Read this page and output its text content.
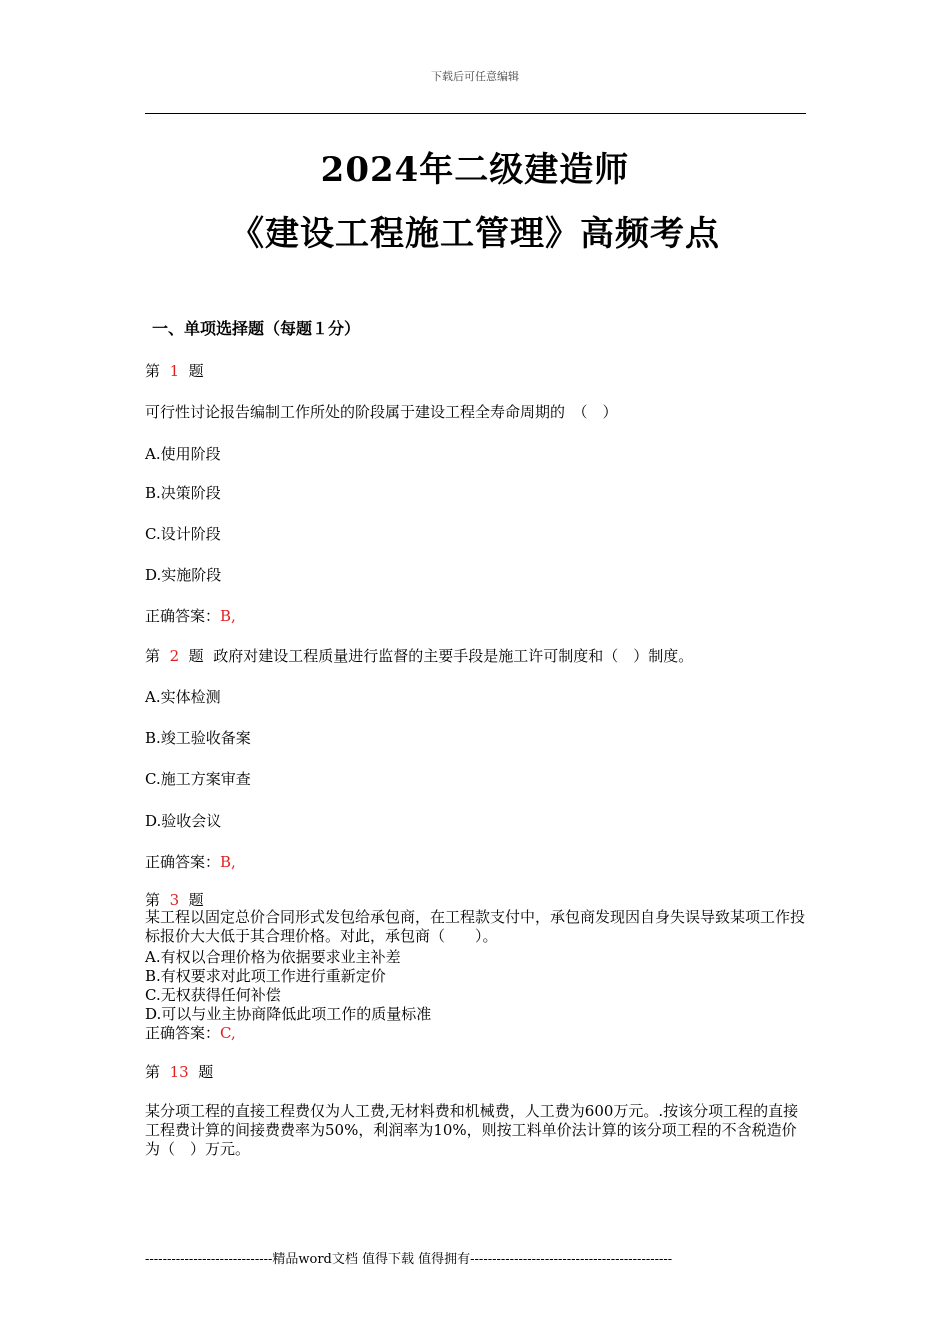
下载后可任意编辑
2024年二级建造师
《建设工程施工管理》高频考点
一、单项选择题（每题１分）
第 1 题
可行性讨论报告编制工作所处的阶段属于建设工程全寿命周期的　（　）
A.使用阶段
B.决策阶段
C.设计阶段
D.实施阶段
正确答案：B,
第 2 题 政府对建设工程质量进行监督的主要手段是施工许可制度和（　）制度。
A.实体检测
B.竣工验收备案
C.施工方案审查
D.验收会议
正确答案：B,
第 3 题
某工程以固定总价合同形式发包给承包商，在工程款支付中，承包商发现因自身失误导致某项工作投标报价大大低于其合理价格。对此，承包商（　　）。
A.有权以合理价格为依据要求业主补差
B.有权要求对此项工作进行重新定价
C.无权获得任何补偿
D.可以与业主协商降低此项工作的质量标准
正确答案：C,
第 13 题
某分项工程的直接工程费仅为人工费,无材料费和机械费，人工费为600万元。.按该分项工程的直接工程费计算的间接费费率为50%，利润率为10%，则按工料单价法计算的该分项工程的不含税造价为（　）万元。
-----------------------------精品word文档 值得下载 值得拥有----------------------------------------------
